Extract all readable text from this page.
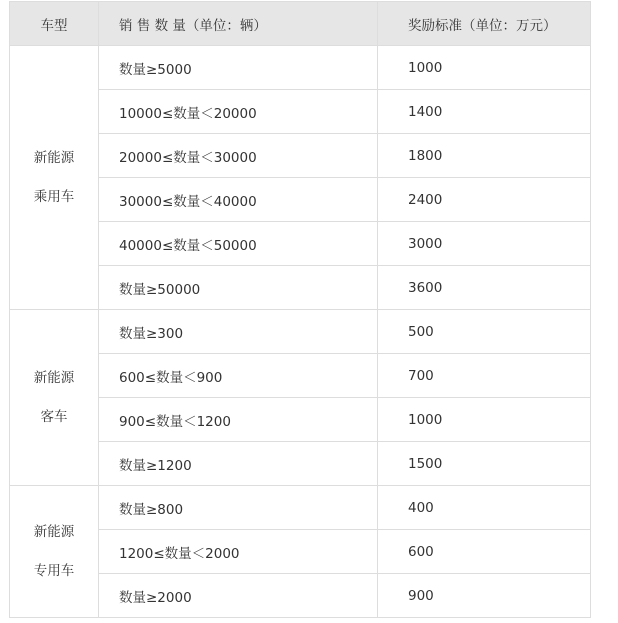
车型	销 售 数 量（单位：辆）	奖励标准（单位：万元）

新能源
乘用车	数量≥5000	1000
	10000≤数量＜20000	1400
	20000≤数量＜30000	1800
	30000≤数量＜40000	2400
	40000≤数量＜50000	3000
	数量≥50000	3600

新能源
客车	数量≥300	500
	600≤数量＜900	700
	900≤数量＜1200	1000
	数量≥1200	1500

新能源
专用车	数量≥800	400
	1200≤数量＜2000	600
	数量≥2000	900
